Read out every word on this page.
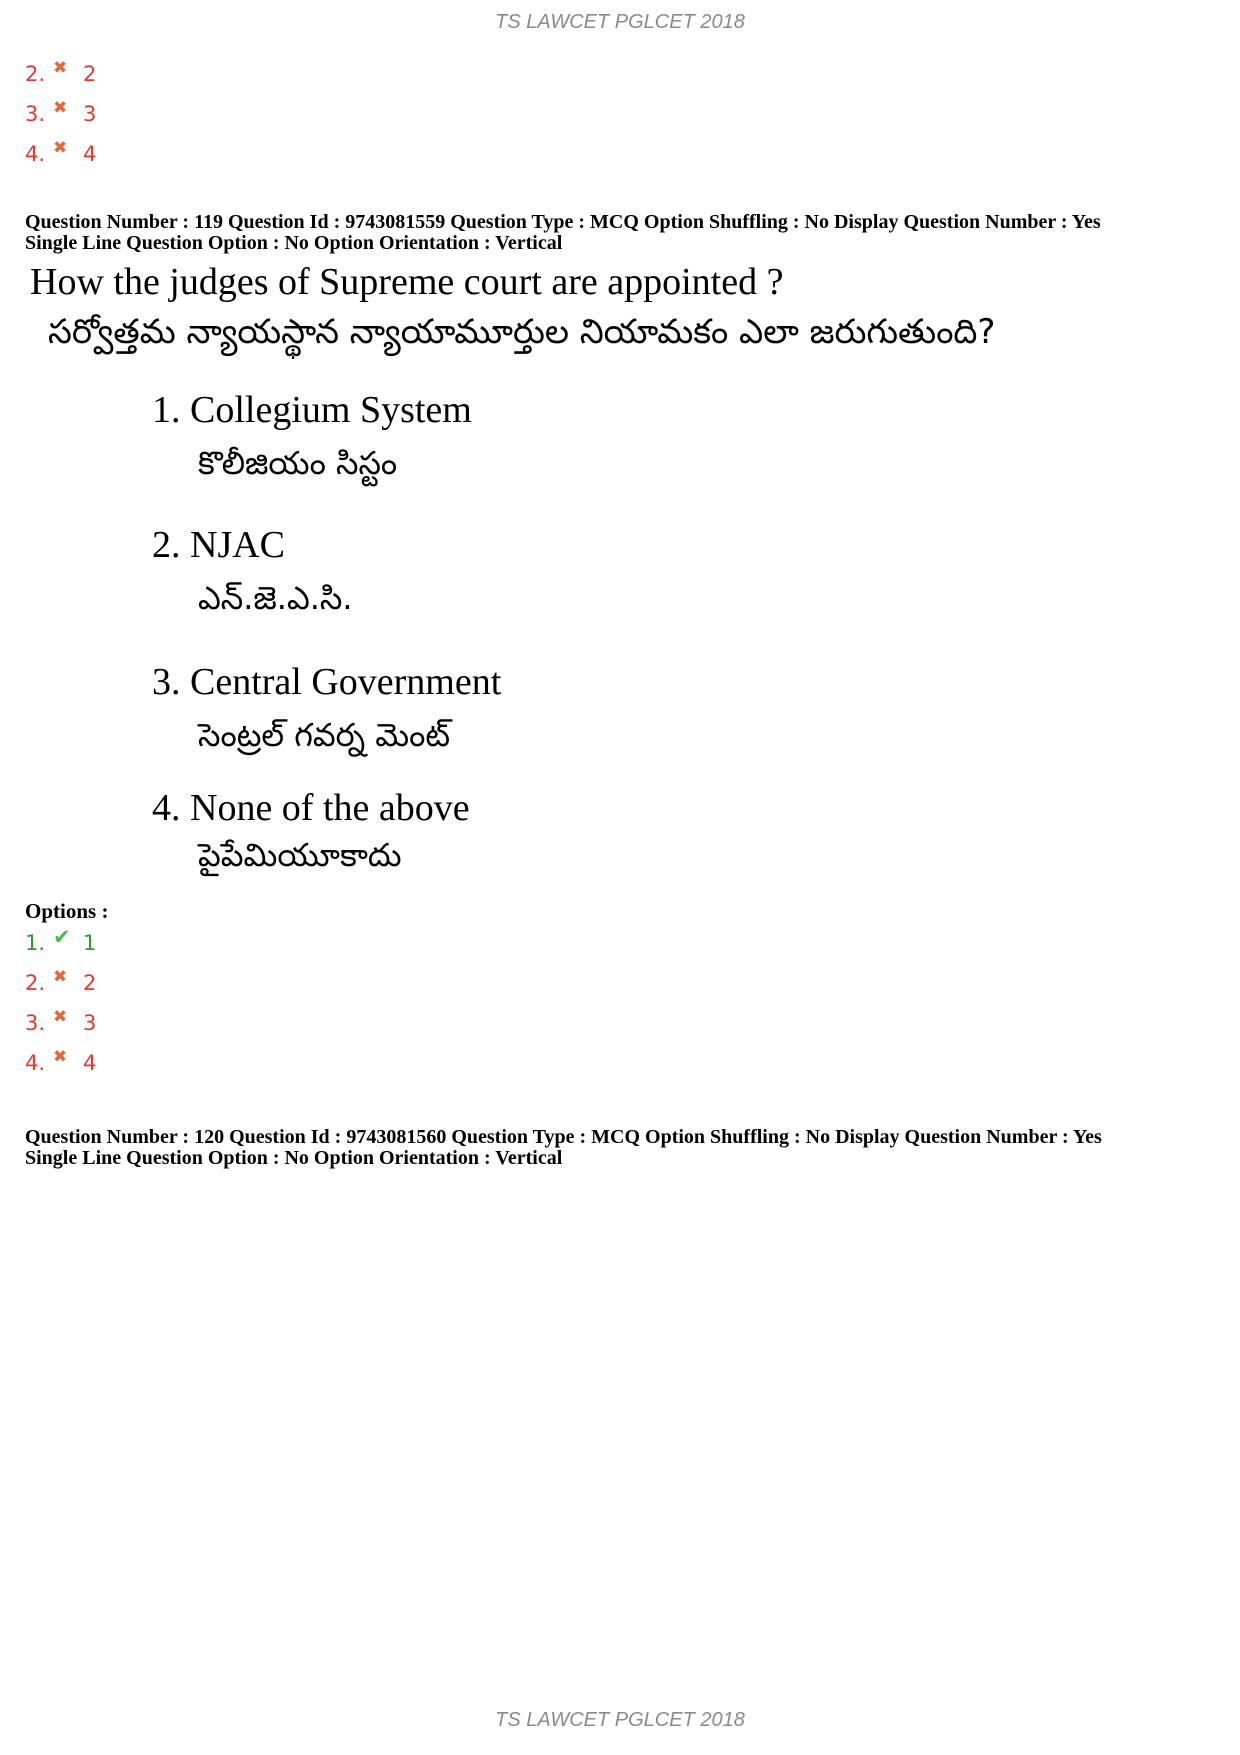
TS LAWCET PGLCET 2018
2. ✖ 2
3. ✖ 3
4. ✖ 4
Question Number : 119 Question Id : 9743081559 Question Type : MCQ Option Shuffling : No Display Question Number : Yes
Single Line Question Option : No Option Orientation : Vertical
How the judges of Supreme court are appointed ?
సర్వోత్తమ న్యాయస్థాన న్యాయామూర్తుల నియామకం ఎలా జరుగుతుంది?
1. Collegium System
కొలీజియం సిస్టం
2. NJAC
ఎన్.జె.ఎ.సి.
3. Central Government
సెంట్రల్ గవర్న మెంట్
4. None of the above
పైపేమియూకాదు
Options :
1. ✔ 1
2. ✖ 2
3. ✖ 3
4. ✖ 4
Question Number : 120 Question Id : 9743081560 Question Type : MCQ Option Shuffling : No Display Question Number : Yes
Single Line Question Option : No Option Orientation : Vertical
TS LAWCET PGLCET 2018
